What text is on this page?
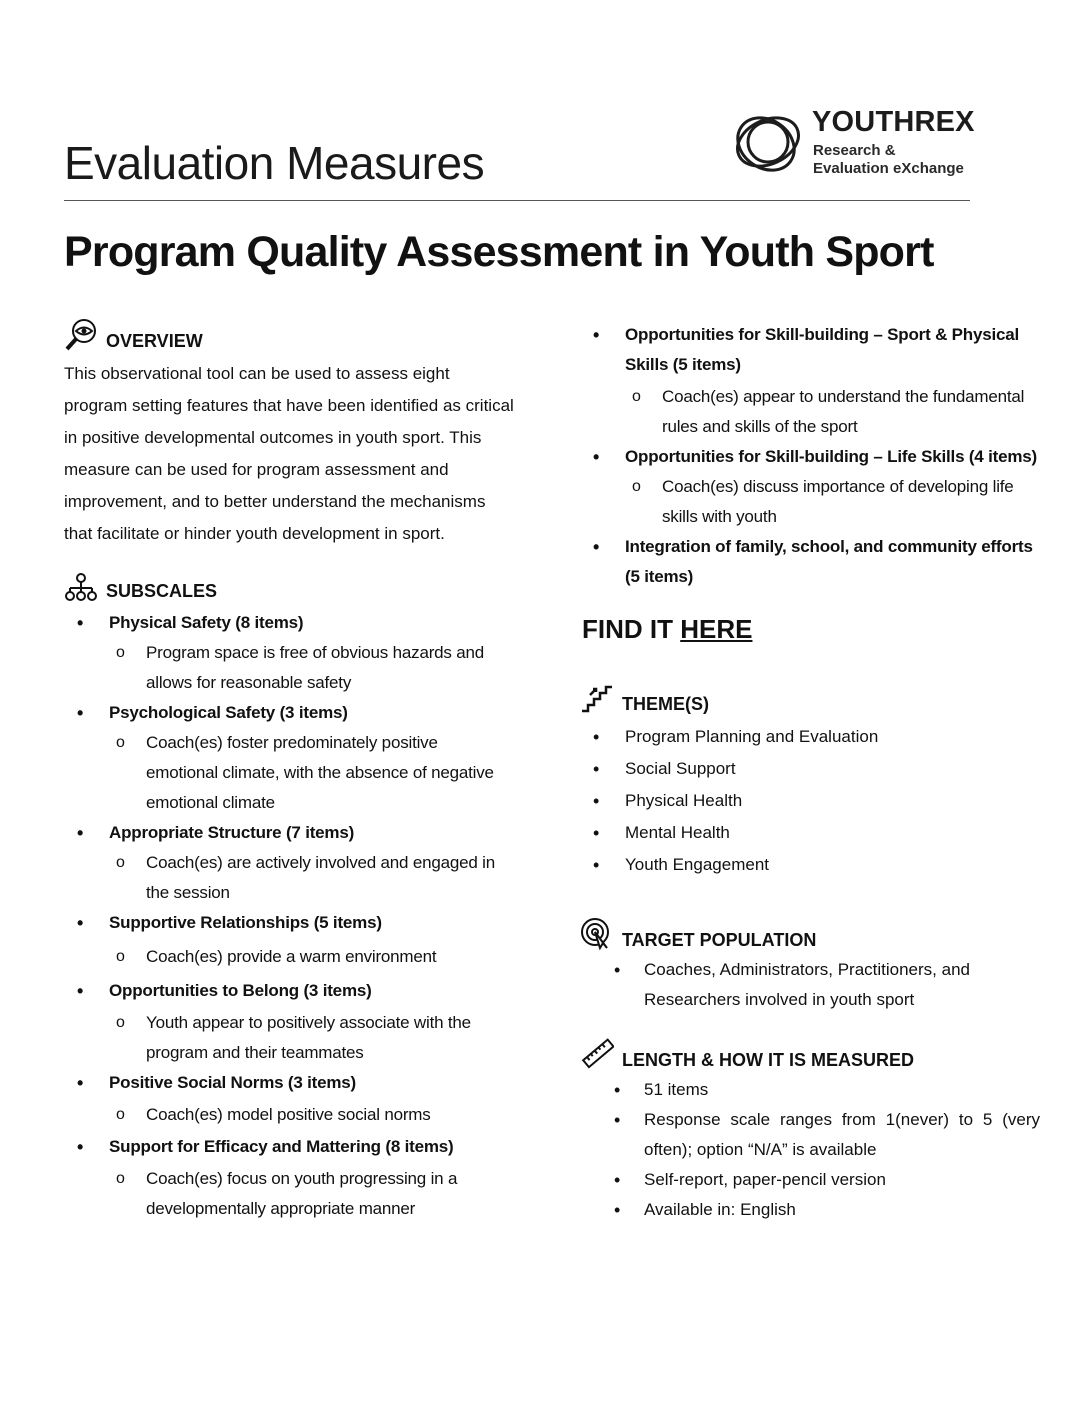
Evaluation Measures
YOUTHREX
Research &
Evaluation eXchange
Program Quality Assessment in Youth Sport
OVERVIEW

This observational tool can be used to assess eight program setting features that have been identified as critical in positive developmental outcomes in youth sport. This measure can be used for program assessment and improvement, and to better understand the mechanisms that facilitate or hinder youth development in sport.

SUBSCALES
• Physical Safety (8 items)
o Program space is free of obvious hazards and allows for reasonable safety
• Psychological Safety (3 items)
o Coach(es) foster predominately positive emotional climate, with the absence of negative emotional climate
• Appropriate Structure (7 items)
o Coach(es) are actively involved and engaged in the session
• Supportive Relationships (5 items)
o Coach(es) provide a warm environment
• Opportunities to Belong (3 items)
o Youth appear to positively associate with the program and their teammates
• Positive Social Norms (3 items)
o Coach(es) model positive social norms
• Support for Efficacy and Mattering (8 items)
o Coach(es) focus on youth progressing in a developmentally appropriate manner
• Opportunities for Skill-building – Sport & Physical Skills (5 items)
o Coach(es) appear to understand the fundamental rules and skills of the sport
• Opportunities for Skill-building – Life Skills (4 items)
o Coach(es) discuss importance of developing life skills with youth
• Integration of family, school, and community efforts (5 items)
FIND IT HERE
THEME(S)
• Program Planning and Evaluation
• Social Support
• Physical Health
• Mental Health
• Youth Engagement
TARGET POPULATION
• Coaches, Administrators, Practitioners, and Researchers involved in youth sport
LENGTH & HOW IT IS MEASURED
• 51 items
• Response scale ranges from 1(never) to 5 (very often); option “N/A” is available
• Self-report, paper-pencil version
• Available in: English
